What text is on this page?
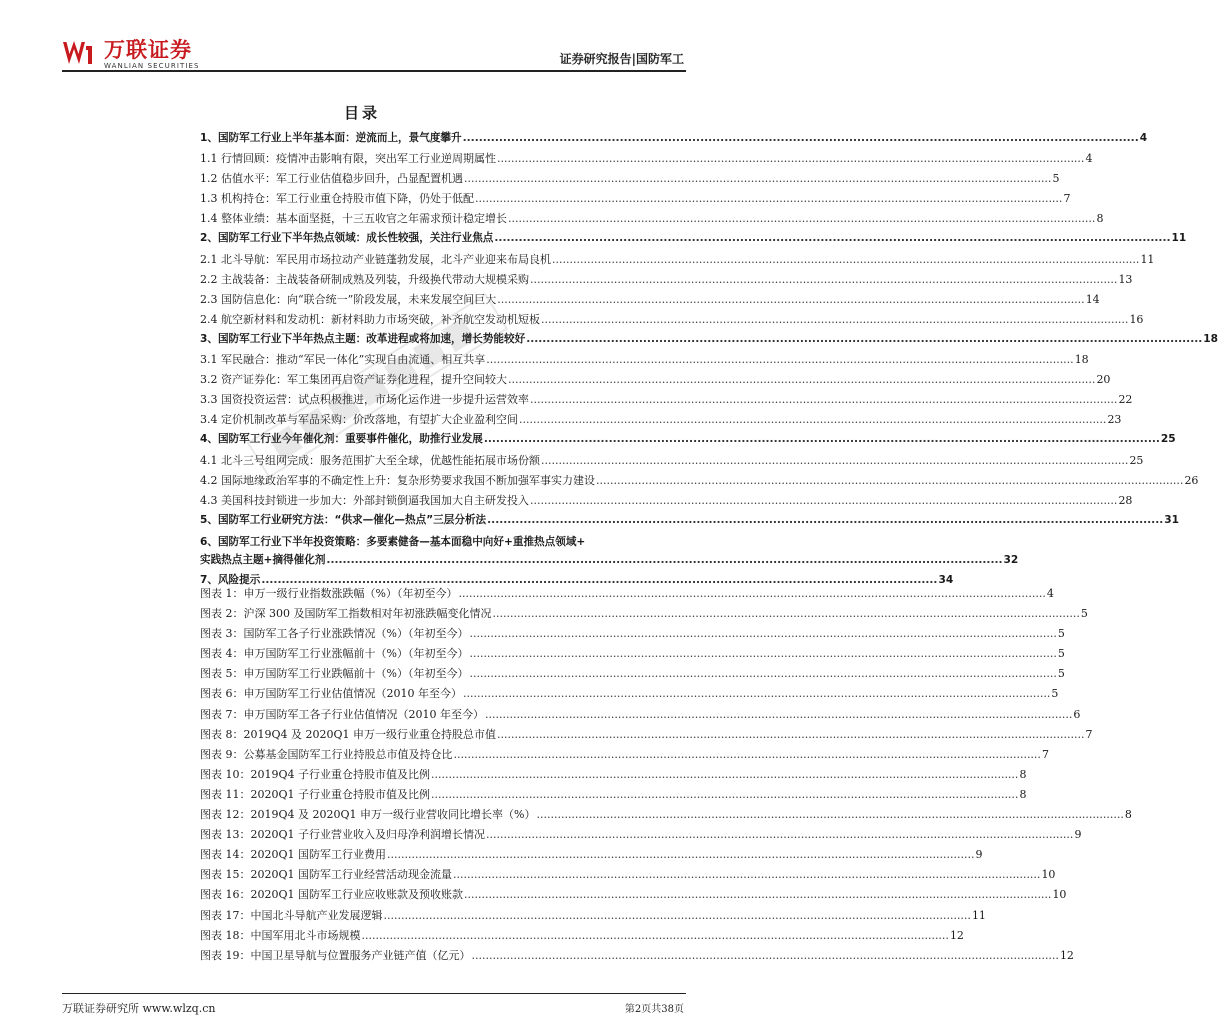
万联证券
WANLIAN SECURITIES	证券研究报告|国防军工
目录
1、国防军工行业上半年基本面：逆流而上，景气度攀升 .....	4
1.1 行情回顾：疫情冲击影响有限，突出军工行业逆周期属性 .....	4
1.2 估值水平：军工行业估值稳步回升，凸显配置机遇 .....	5
1.3 机构持仓：军工行业重仓持股市值下降，仍处于低配 .....	7
1.4 整体业绩：基本面坚挺，十三五收官之年需求预计稳定增长 .....	8
2、国防军工行业下半年热点领域：成长性较强，关注行业焦点 .....	11
2.1 北斗导航：军民用市场拉动产业链蓬勃发展，北斗产业迎来布局良机 .....	11
2.2 主战装备：主战装备研制成熟及列装，升级换代带动大规模采购 .....	13
2.3 国防信息化：向“联合统一”阶段发展，未来发展空间巨大 .....	14
2.4 航空新材料和发动机：新材料助力市场突破，补齐航空发动机短板 .....	16
3、国防军工行业下半年热点主题：改革进程或将加速，增长势能较好 .....	18
3.1 军民融合：推动“军民一体化”实现自由流通、相互共享 .....	18
3.2 资产证券化：军工集团再启资产证券化进程，提升空间较大 .....	20
3.3 国资投资运营：试点积极推进，市场化运作进一步提升运营效率 .....	22
3.4 定价机制改革与军品采购：价改落地，有望扩大企业盈利空间 .....	23
4、国防军工行业今年催化剂：重要事件催化，助推行业发展 .....	25
4.1 北斗三号组网完成：服务范围扩大至全球，优越性能拓展市场份额 .....	25
4.2 国际地缘政治军事的不确定性上升：复杂形势要求我国不断加强军事实力建设 .....	26
4.3 美国科技封锁进一步加大：外部封锁倒逼我国加大自主研发投入 .....	28
5、国防军工行业研究方法：“供求—催化—热点”三层分析法 .....	31
6、国防军工行业下半年投资策略：多要素健备—基本面稳中向好+重推热点领域+
实践热点主题+摘得催化剂 .....	32
7、风险提示 .....	34
图表 1：申万一级行业指数涨跌幅（%）（年初至今） .....	4
图表 2：沪深 300 及国防军工指数相对年初涨跌幅变化情况 .....	5
图表 3：国防军工各子行业涨跌情况（%）（年初至今） .....	5
图表 4：申万国防军工行业涨幅前十（%）（年初至今） .....	5
图表 5：申万国防军工行业跌幅前十（%）（年初至今） .....	5
图表 6：申万国防军工行业估值情况（2010 年至今） .....	5
图表 7：申万国防军工各子行业估值情况（2010 年至今） .....	6
图表 8：2019Q4 及 2020Q1 申万一级行业重仓持股总市值 .....	7
图表 9：公募基金国防军工行业持股总市值及持仓比 .....	7
图表 10：2019Q4 子行业重仓持股市值及比例 .....	8
图表 11：2020Q1 子行业重仓持股市值及比例 .....	8
图表 12：2019Q4 及 2020Q1 申万一级行业营收同比增长率（%） .....	8
图表 13：2020Q1 子行业营业收入及归母净利润增长情况 .....	9
图表 14：2020Q1 国防军工行业费用 .....	9
图表 15：2020Q1 国防军工行业经营活动现金流量 .....	10
图表 16：2020Q1 国防军工行业应收账款及预收账款 .....	10
图表 17：中国北斗导航产业发展逻辑 .....	11
图表 18：中国军用北斗市场规模 .....	12
图表 19：中国卫星导航与位置服务产业链产值（亿元） .....	12
万联证券研究所 www.wlzq.cn	第2页共38页
